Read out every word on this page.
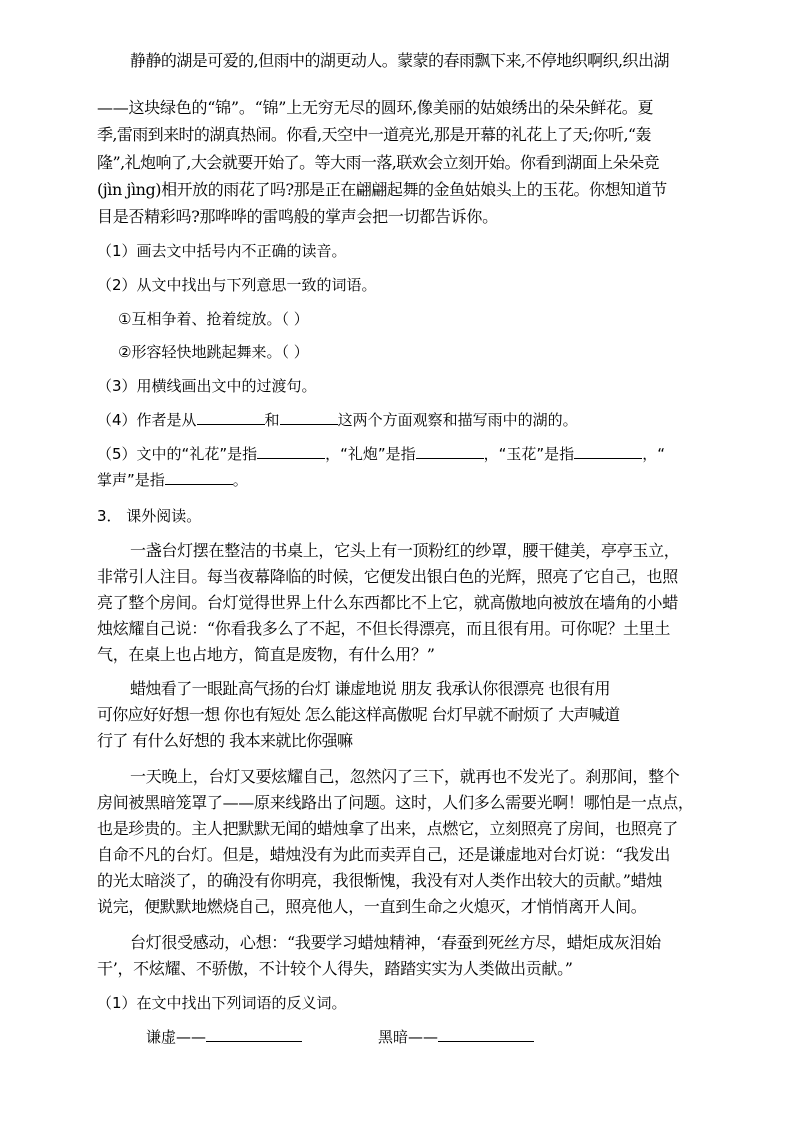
静静的湖是可爱的,但雨中的湖更动人。蒙蒙的春雨飘下来,不停地织啊织,织出湖
——这块绿色的“锦”。“锦”上无穷无尽的圆环,像美丽的姑娘绣出的朵朵鲜花。夏
季,雷雨到来时的湖真热闹。你看,天空中一道亮光,那是开幕的礼花上了天;你听,“轰
隆”,礼炮响了,大会就要开始了。等大雨一落,联欢会立刻开始。你看到湖面上朵朵竞
(jìn jìng)相开放的雨花了吗?那是正在翩翩起舞的金鱼姑娘头上的玉花。你想知道节
目是否精彩吗?那哗哗的雷鸣般的掌声会把一切都告诉你。
（1）画去文中括号内不正确的读音。
（2）从文中找出与下列意思一致的词语。
①互相争着、抢着绽放。（ ）
②形容轻快地跳起舞来。（ ）
（3）用横线画出文中的过渡句。
（4）作者是从	和	这两个方面观察和描写雨中的湖的。
（5）文中的“礼花”是指	，“礼炮”是指	，“玉花”是指	，“
掌声”是指	。
3． 课外阅读。
一盏台灯摆在整洁的书桌上，它头上有一顶粉红的纱罩，腰干健美，亭亭玉立，
非常引人注目。每当夜幕降临的时候，它便发出银白色的光辉，照亮了它自己，也照
亮了整个房间。台灯觉得世界上什么东西都比不上它，就高傲地向被放在墙角的小蜡
烛炫耀自己说：“你看我多么了不起，不但长得漂亮，而且很有用。可你呢？土里土
气，在桌上也占地方，简直是废物，有什么用？”
蜡烛看了一眼趾高气扬的台灯 谦虚地说 朋友 我承认你很漂亮 也很有用
可你应好好想一想 你也有短处 怎么能这样高傲呢 台灯早就不耐烦了 大声喊道
行了 有什么好想的 我本来就比你强嘛
一天晚上，台灯又要炫耀自己，忽然闪了三下，就再也不发光了。刹那间，整个
房间被黑暗笼罩了——原来线路出了问题。这时，人们多么需要光啊！哪怕是一点点，
也是珍贵的。主人把默默无闻的蜡烛拿了出来，点燃它，立刻照亮了房间，也照亮了
自命不凡的台灯。但是，蜡烛没有为此而卖弄自己，还是谦虚地对台灯说：“我发出
的光太暗淡了，的确没有你明亮，我很惭愧，我没有对人类作出较大的贡献。”蜡烛
说完，便默默地燃烧自己，照亮他人，一直到生命之火熄灭，才悄悄离开人间。
台灯很受感动，心想：“我要学习蜡烛精神，‘春蚕到死丝方尽，蜡炬成灰泪始
干’，不炫耀、不骄傲，不计较个人得失，踏踏实实为人类做出贡献。”
（1）在文中找出下列词语的反义词。
谦虚——	黑暗——
